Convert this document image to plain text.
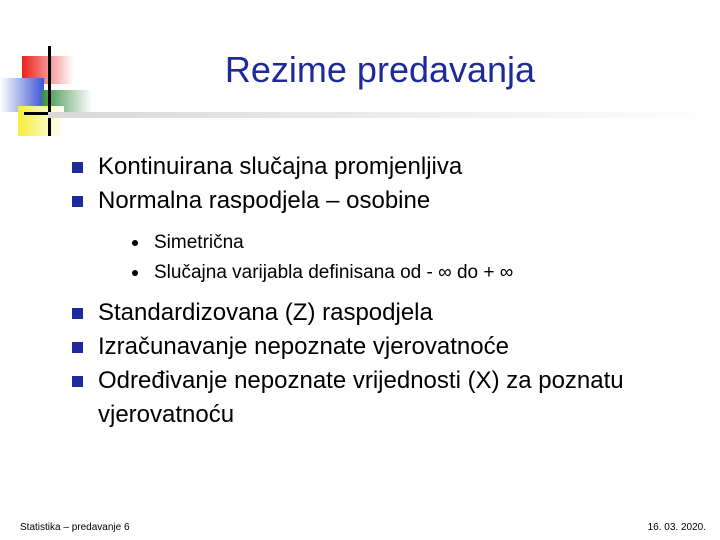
Rezime predavanja
Kontinuirana slučajna promjenljiva
Normalna raspodjela – osobine
Simetrična
Slučajna varijabla definisana od - ∞ do + ∞
Standardizovana (Z) raspodjela
Izračunavanje nepoznate vjerovatnoće
Određivanje nepoznate vrijednosti (X) za poznatu vjerovatnoću
Statistika – predavanje 6	16. 03. 2020.
